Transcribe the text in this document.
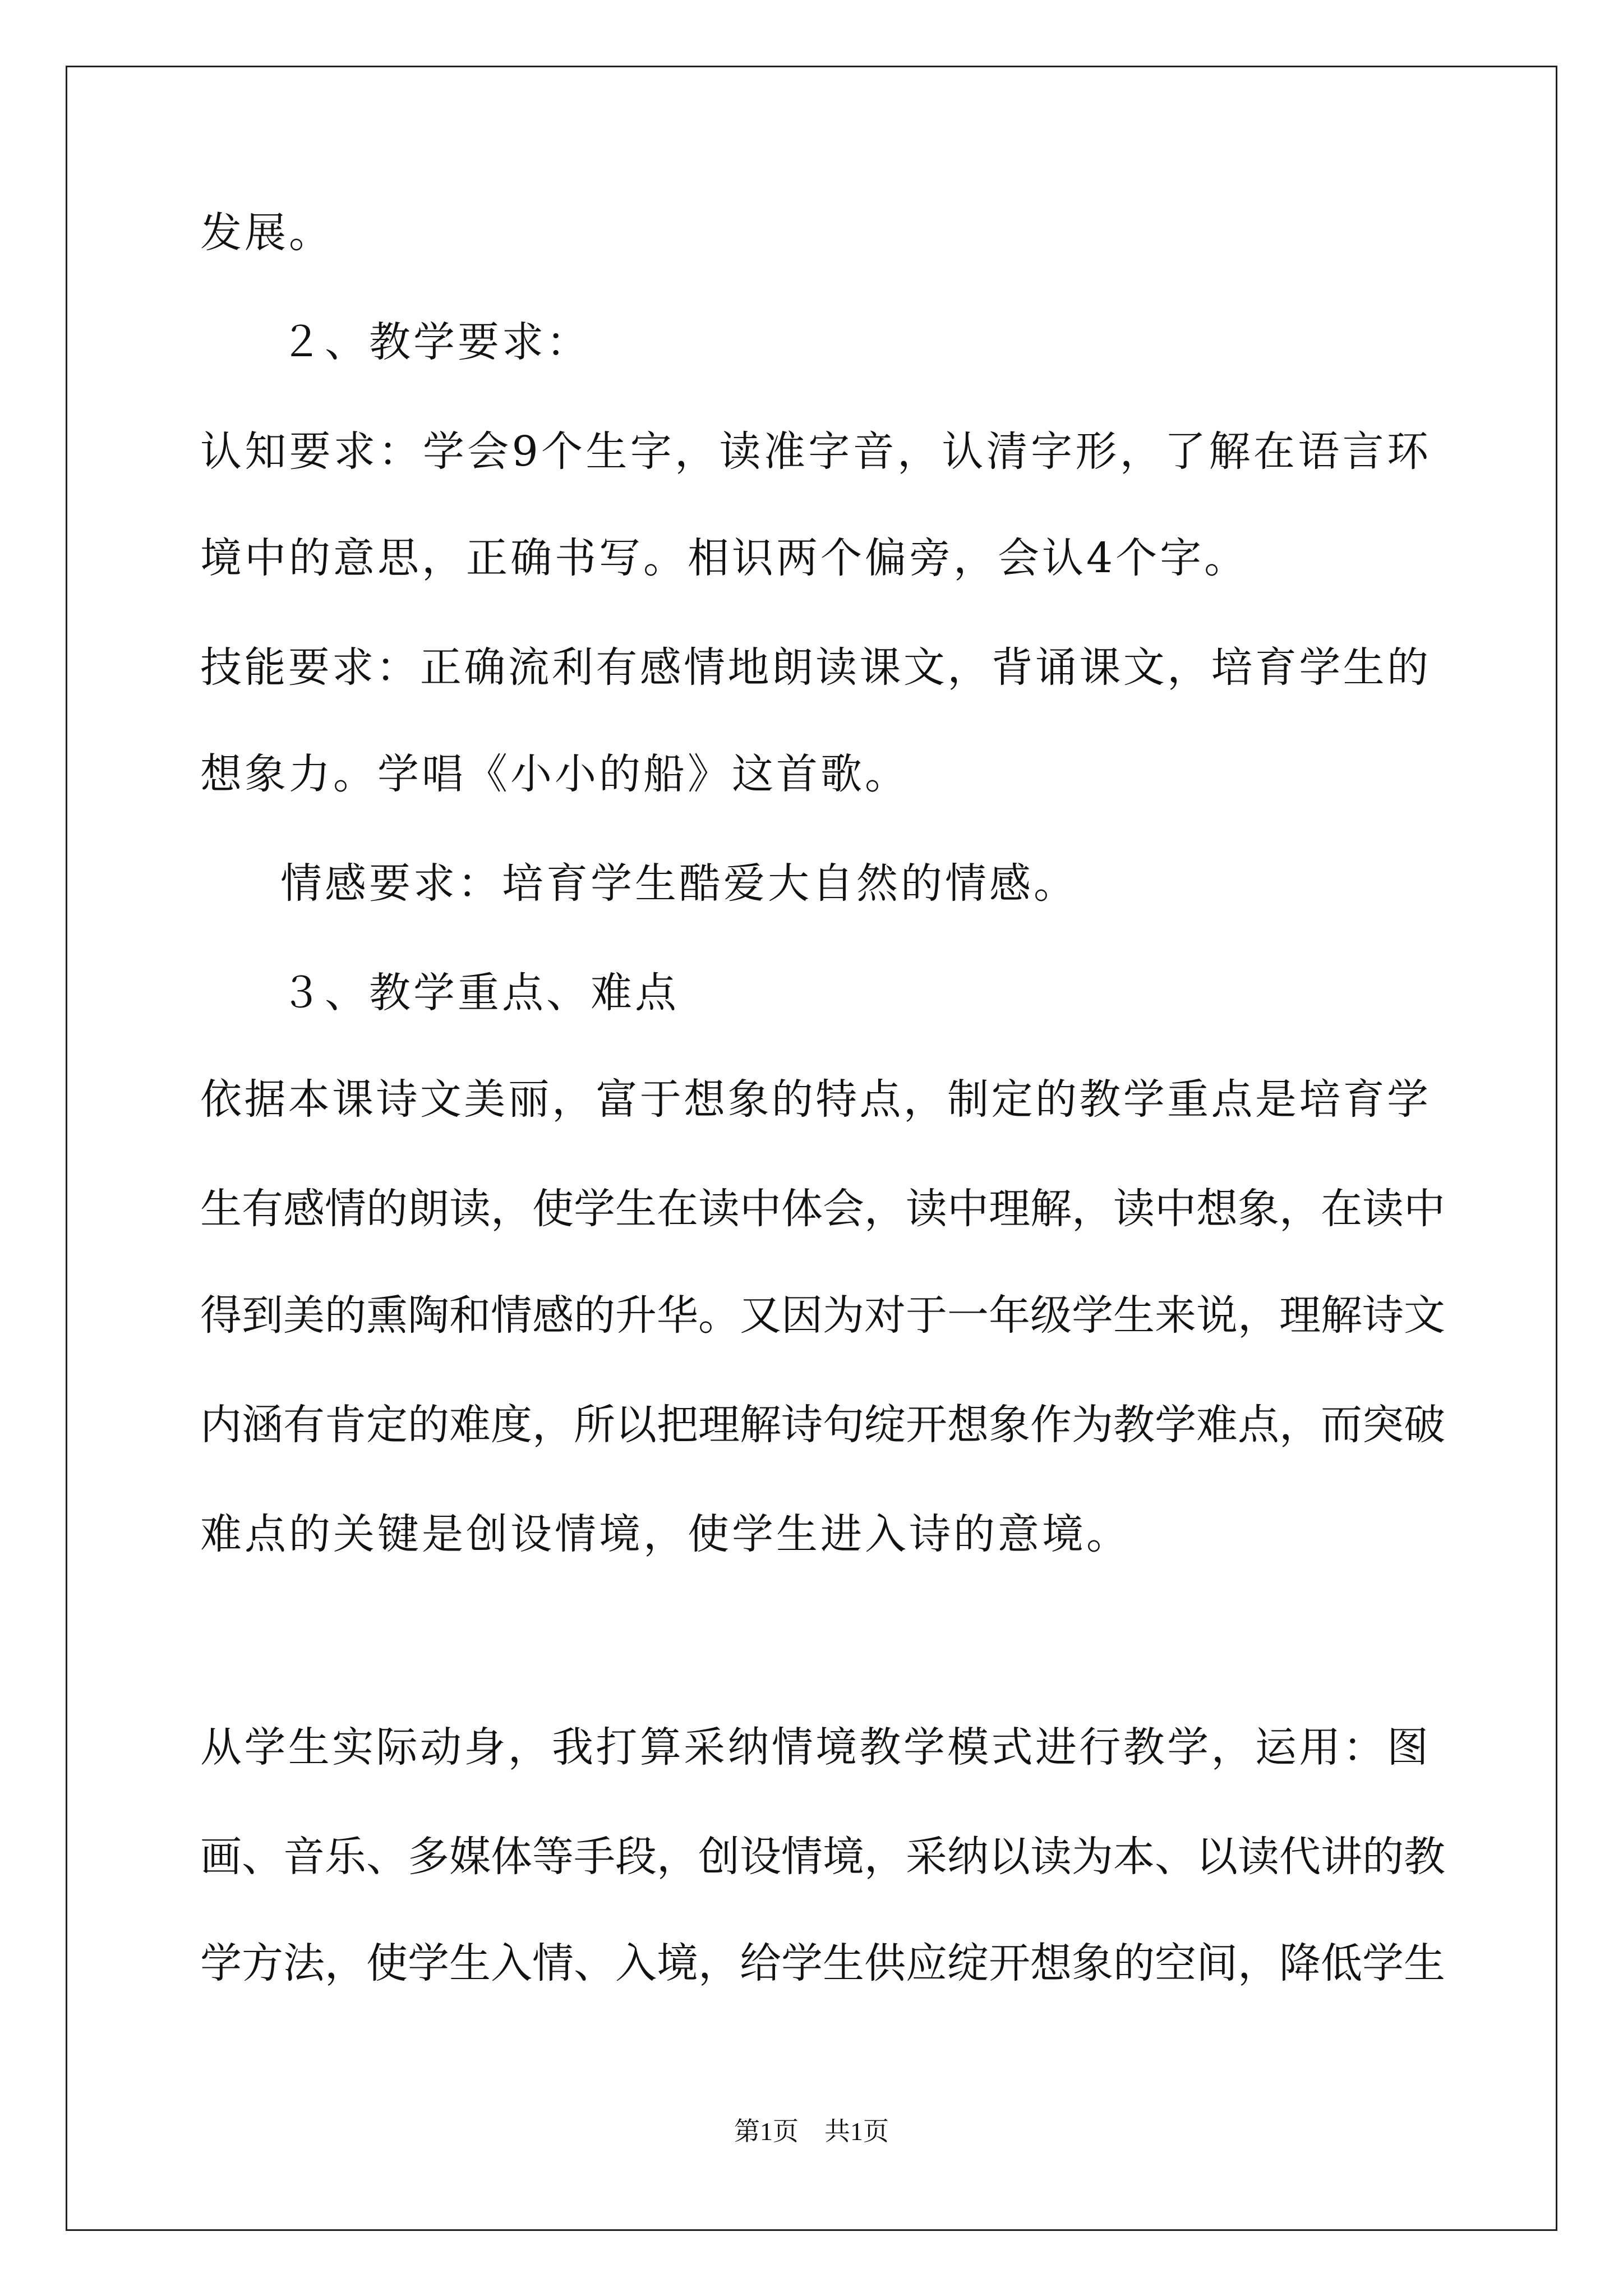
发展。
２、教学要求：
认知要求：学会9个生字，读准字音，认清字形，了解在语言环
境中的意思，正确书写。相识两个偏旁，会认4个字。
技能要求：正确流利有感情地朗读课文，背诵课文，培育学生的
想象力。学唱《小小的船》这首歌。
情感要求：培育学生酷爱大自然的情感。
３、教学重点、难点
依据本课诗文美丽，富于想象的特点，制定的教学重点是培育学
生有感情的朗读，使学生在读中体会，读中理解，读中想象，在读中
得到美的熏陶和情感的升华。又因为对于一年级学生来说，理解诗文
内涵有肯定的难度，所以把理解诗句绽开想象作为教学难点，而突破
难点的关键是创设情境，使学生进入诗的意境。
从学生实际动身，我打算采纳情境教学模式进行教学，运用：图
画、音乐、多媒体等手段，创设情境，采纳以读为本、以读代讲的教
学方法，使学生入情、入境，给学生供应绽开想象的空间，降低学生
第1页　共1页
